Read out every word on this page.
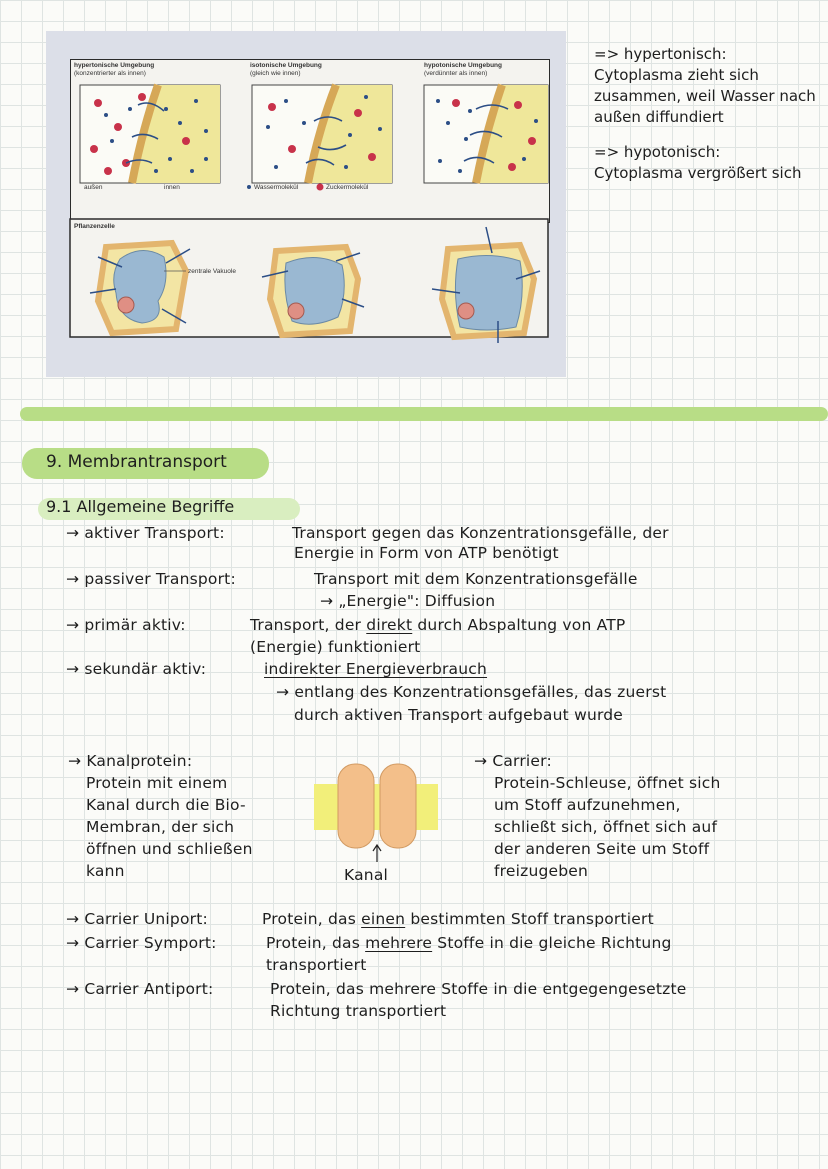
hypertonische Umgebung
(konzentrierter als innen)
isotonische Umgebung
(gleich wie innen)
hypotonische Umgebung
(verdünnter als innen)
außen	innen	Wassermolekül	Zuckermolekül
Pflanzenzelle
zentrale Vakuole
=> hypertonisch:
Cytoplasma zieht sich zusammen, weil Wasser nach außen diffundiert
=> hypotonisch:
Cytoplasma vergrößert sich
9. Membrantransport
9.1 Allgemeine Begriffe
→ aktiver Transport:	Transport gegen das Konzentrationsgefälle, der
Energie in Form von ATP benötigt
→ passiver Transport:	Transport mit dem Konzentrationsgefälle
→ „Energie": Diffusion
→ primär aktiv:	Transport, der direkt durch Abspaltung von ATP
(Energie) funktioniert
→ sekundär aktiv:	indirekter Energieverbrauch
→ entlang des Konzentrationsgefälles, das zuerst
durch aktiven Transport aufgebaut wurde
→ Kanalprotein:
Protein mit einem
Kanal durch die Bio-
Membran, der sich
öffnen und schließen
kann	Kanal
→ Carrier:
Protein-Schleuse, öffnet sich
um Stoff aufzunehmen,
schließt sich, öffnet sich auf
der anderen Seite um Stoff
freizugeben
→ Carrier Uniport:	Protein, das einen bestimmten Stoff transportiert
→ Carrier Symport:	Protein, das mehrere Stoffe in die gleiche Richtung
transportiert
→ Carrier Antiport:	Protein, das mehrere Stoffe in die entgegengesetzte
Richtung transportiert
